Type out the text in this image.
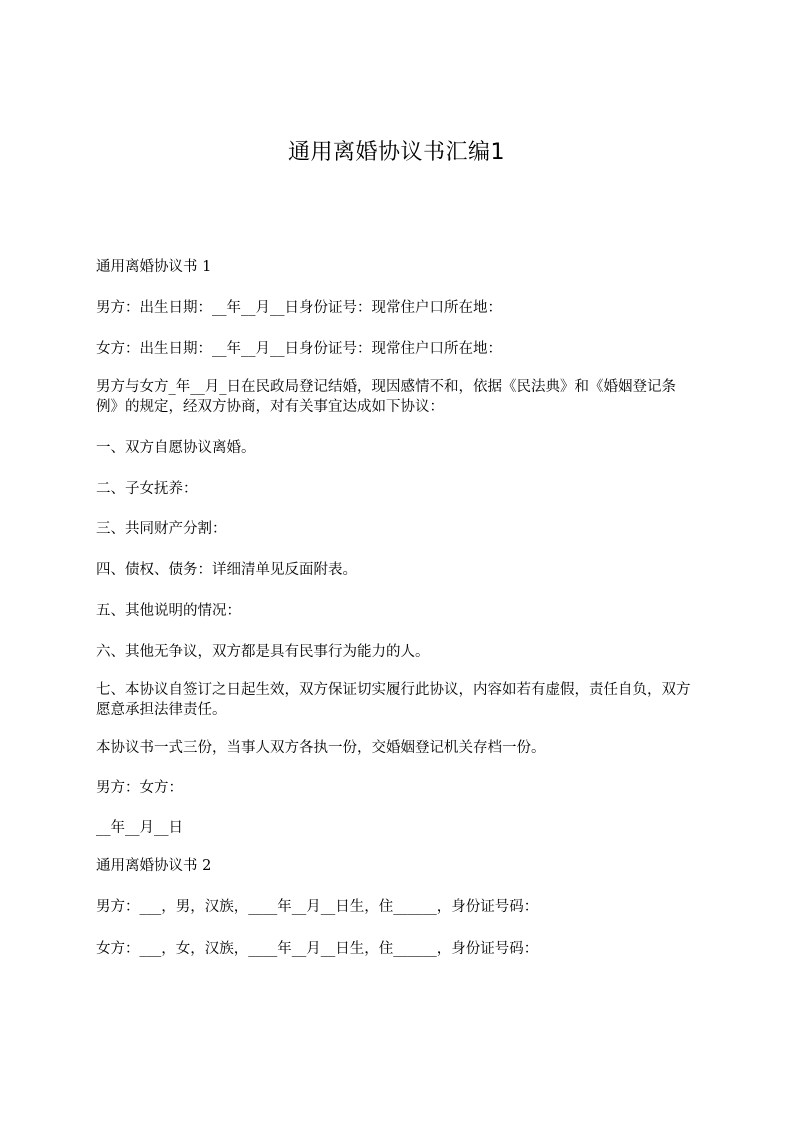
通用离婚协议书汇编1

通用离婚协议书 1

男方：出生日期：__年__月__日身份证号：现常住户口所在地：

女方：出生日期：__年__月__日身份证号：现常住户口所在地：

男方与女方_年__月_日在民政局登记结婚，现因感情不和，依据《民法典》和《婚姻登记条例》的规定，经双方协商，对有关事宜达成如下协议：

一、双方自愿协议离婚。

二、子女抚养：

三、共同财产分割：

四、债权、债务：详细清单见反面附表。

五、其他说明的情况：

六、其他无争议，双方都是具有民事行为能力的人。

七、本协议自签订之日起生效，双方保证切实履行此协议，内容如若有虚假，责任自负，双方愿意承担法律责任。

本协议书一式三份，当事人双方各执一份，交婚姻登记机关存档一份。

男方：女方：

__年__月__日

通用离婚协议书 2

男方：___，男，汉族，____年__月__日生，住______，身份证号码：

女方：___，女，汉族，____年__月__日生，住______，身份证号码：
